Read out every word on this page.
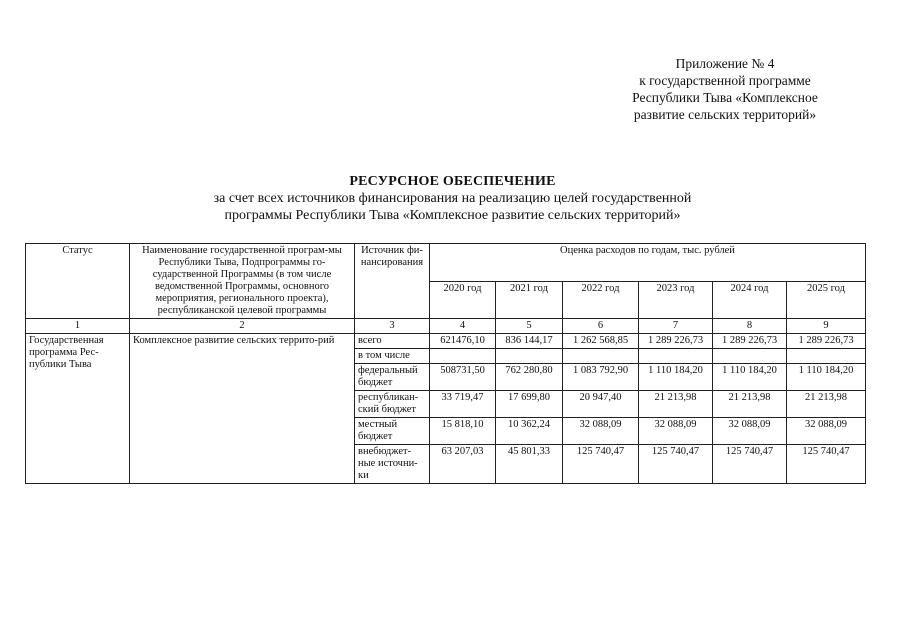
Приложение № 4
к государственной программе
Республики Тыва «Комплексное
развитие сельских территорий»
РЕСУРСНОЕ ОБЕСПЕЧЕНИЕ
за счет всех источников финансирования на реализацию целей государственной
программы Республики Тыва «Комплексное развитие сельских территорий»
Статус	Наименование государственной програм-мы Республики Тыва, Подпрограммы го-сударственной Программы (в том числе ведомственной Программы, основного мероприятия, регионального проекта), республиканской целевой программы	Источник фи-нансирования	Оценка расходов по годам, тыс. рублей					
			2020 год	2021 год	2022 год	2023 год	2024 год	2025 год
1	2	3	4	5	6	7	8	9
Государственная программа Рес-публики Тыва	Комплексное развитие сельских террито-рий	всего	621476,10	836 144,17	1 262 568,85	1 289 226,73	1 289 226,73	1 289 226,73
		в том числе						
		федеральный бюджет	508731,50	762 280,80	1 083 792,90	1 110 184,20	1 110 184,20	1 110 184,20
		республикан-ский бюджет	33 719,47	17 699,80	20 947,40	21 213,98	21 213,98	21 213,98
		местный бюджет	15 818,10	10 362,24	32 088,09	32 088,09	32 088,09	32 088,09
		внебюджет-ные источни-ки	63 207,03	45 801,33	125 740,47	125 740,47	125 740,47	125 740,47
